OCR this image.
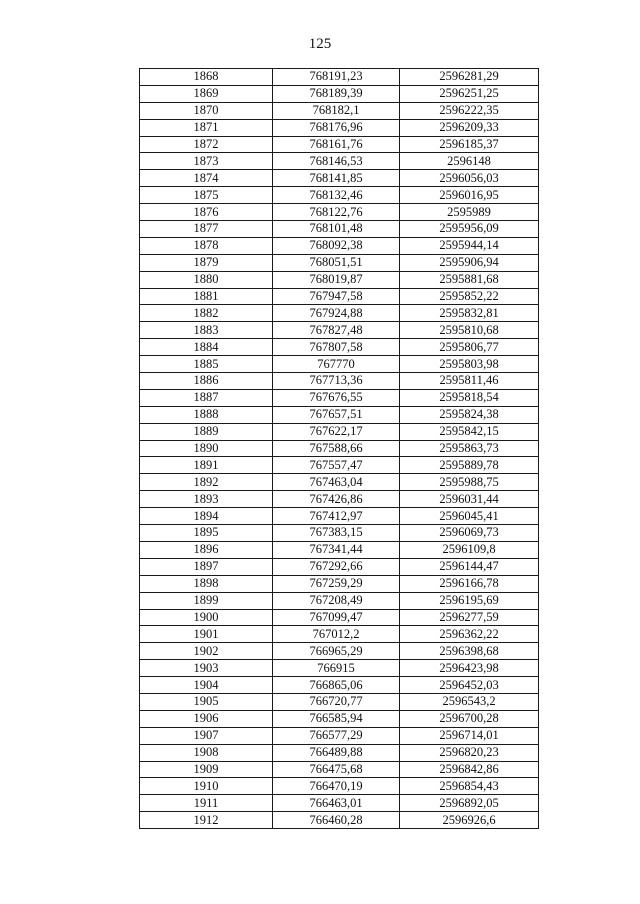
125
1868	768191,23	2596281,29
1869	768189,39	2596251,25
1870	768182,1	2596222,35
1871	768176,96	2596209,33
1872	768161,76	2596185,37
1873	768146,53	2596148
1874	768141,85	2596056,03
1875	768132,46	2596016,95
1876	768122,76	2595989
1877	768101,48	2595956,09
1878	768092,38	2595944,14
1879	768051,51	2595906,94
1880	768019,87	2595881,68
1881	767947,58	2595852,22
1882	767924,88	2595832,81
1883	767827,48	2595810,68
1884	767807,58	2595806,77
1885	767770	2595803,98
1886	767713,36	2595811,46
1887	767676,55	2595818,54
1888	767657,51	2595824,38
1889	767622,17	2595842,15
1890	767588,66	2595863,73
1891	767557,47	2595889,78
1892	767463,04	2595988,75
1893	767426,86	2596031,44
1894	767412,97	2596045,41
1895	767383,15	2596069,73
1896	767341,44	2596109,8
1897	767292,66	2596144,47
1898	767259,29	2596166,78
1899	767208,49	2596195,69
1900	767099,47	2596277,59
1901	767012,2	2596362,22
1902	766965,29	2596398,68
1903	766915	2596423,98
1904	766865,06	2596452,03
1905	766720,77	2596543,2
1906	766585,94	2596700,28
1907	766577,29	2596714,01
1908	766489,88	2596820,23
1909	766475,68	2596842,86
1910	766470,19	2596854,43
1911	766463,01	2596892,05
1912	766460,28	2596926,6
